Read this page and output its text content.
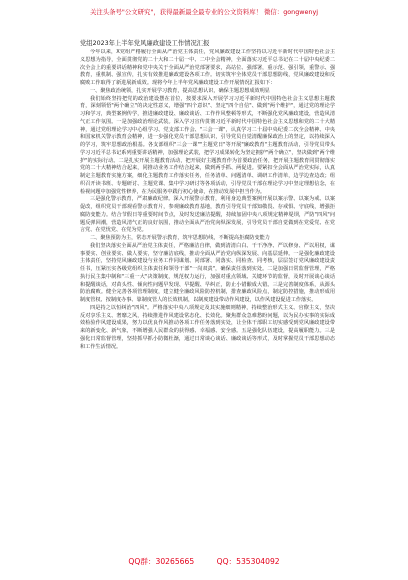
关注头条号"公文研究"，获得最新最全最专业的公文资料库！ 微信：gongwenyj
党组2023年上半年党风廉政建设工作情况汇报

今年以来，X党组严格履行全面从严治党主体责任，党风廉政建设工作坚持以习近平新时代中国特色社会主义思想为指导，全面贯彻党的二十大和二十届一中、二中全会精神，全面落实习近平总书记在二十届中央纪委二次全会上的重要讲话精神和党中央关于全面从严治党部署要求，高站位、强部署，重示范、强引领，重警示、强教育，重机制、强宣传，扎实有效推进廉政建设各项工作。切实筑牢全体党员干部思想防线，党风廉政建设和反腐败工作取得了新进展新成效。现将今年上半年党风廉政建设工作开展情况汇报如下：

一、聚焦政治统领，扎实开展学习教育，提高思想认识，确保主题思想成效明显

我们始终坚持把党的政治建设摆在首位，按要求深入开展学习习近平新时代中国特色社会主义思想主题教育，深刻领悟"两个确立"的决定性意义，增强"四个意识"、坚定"四个自信"、做到"两个维护"，通过党的理论学习和学习，典型案例传学，推进廉政建设、廉政谈话、工作作风整顿等形式，不断强化党风廉政建设，营造风清气正工作氛围。一是加强政治理论武装。深入学习宣传贯彻习近平新时代中国特色社会主义思想和党的二十大精神，通过党组理论学习中心组学习、党支部工作会、"三会一课"，认真学习二十届中央纪委二次全会精神、中央和国家机关警示教育会精神，进一步强化党员干部思想认识，引导党员自觉清醒廉保政治上的坚定，以持续深入的学习，筑牢思想政治根基。各支部组织"三会一课""主题党日"等开展"廉政教育"主题教育活动，引导党员带头学习习近平总书记系列重要讲话精神，加强理论武装，把学习成果转化为坚定拥护"两个确立"，坚决做到"两个维护"的实际行动。二是扎实开展主题教育活动，把开展好主题教育作为首要政治任务，把开展主题教育同贯彻落实党的二十大精神结合起来，同推动业务工作结合起来，做到两手抓、两促进。要紧扣全会面从严治党实际，认真制定主题教育实施方案，细化主题教育工作落实任务，任务清单、问题清单、调研工作清单，边学边查边改；组织召开读书班、专题研讨、主题党课、集中学习研讨等各项活动，引导党员干部在理论学习中坚定理想信念，在检视问题中加强党性修养，在为民服务中践行初心使命，在推动发展中担当作为。

三是强化警示教育，严肃廉政纪律。深入开展警示教育，利用身边典型案例开展以案示警、以案为戒、以案促改，组织党员干部观看警示教育片，参观廉政教育基地，教育引导党员干部知敬畏、存戒惧、守底线，增强拒腐防变能力。结合节假日等重要时间节点，及时发送廉洁提醒，持续加固中央八项规定精神堤坝，严防"四风"问题反弹回潮，营造风清气正的良好氛围，推动全面从严治党向纵深发展，引导党员干部自觉做到在党爱党、在党言党、在党忧党、在党为党。

二、聚焦预防为主，常态开展警示教育，筑牢思想防线，不断提高拒腐防变能力

我们坚决落实全面从严治党主体责任，严格廉洁自律，做到清清白白、干干净净、严以修身、严以用权，谋事要实、创业要实、做人要实，坚守廉洁底线，推动全面从严治党向纵深发展、向基层延伸。一是强化廉政建设主体责任，坚持党风廉政建设与业务工作同谋划、同部署、同落实、同检查、同考核，层层签订党风廉政建设责任书，压紧压实各级党组织主体责任和领导干部"一岗双责"，确保责任落到实处。二是加强日常监督管理，严格执行民主集中制和"三重一大"决策制度，规范权力运行，加强对重点领域、关键环节的监督，及时开展谈心谈话和提醒谈话，对苗头性、倾向性问题早发现、早提醒、早纠正，防止小错酿成大错。三是完善制度体系，从源头防治腐败。健全完善各项管理制度，建立健全廉政风险防控机制，排查廉政风险点，制定防控措施，推动形成用制度管权、按制度办事、靠制度管人的长效机制，以制度建设带动作风建设，以作风建设促进工作落实。

四是持之以恒纠治"四风"。严格落实中央八项规定及其实施细则精神，持续整治形式主义、官僚主义，坚决反对享乐主义、奢靡之风，持续推进作风建设常态化、长效化。聚焦群众急难愁盼问题，以为民办实事的实际成效检验作风建设成果，努力以优良作风推动各项工作任务落到实处，让全体干部职工切实感受到党风廉政建设带来的新变化、新气象，不断增强人民群众的获得感、幸福感、安全感。五是强化队伍建设，提高履职能力。三是强化日常监督管理，坚持抓早抓小防微杜渐，通过日常谈心谈话、廉政谈话等形式，及时掌握党员干部思想动态和工作生活情况。

QQ群：30265665	QQ：535304092
